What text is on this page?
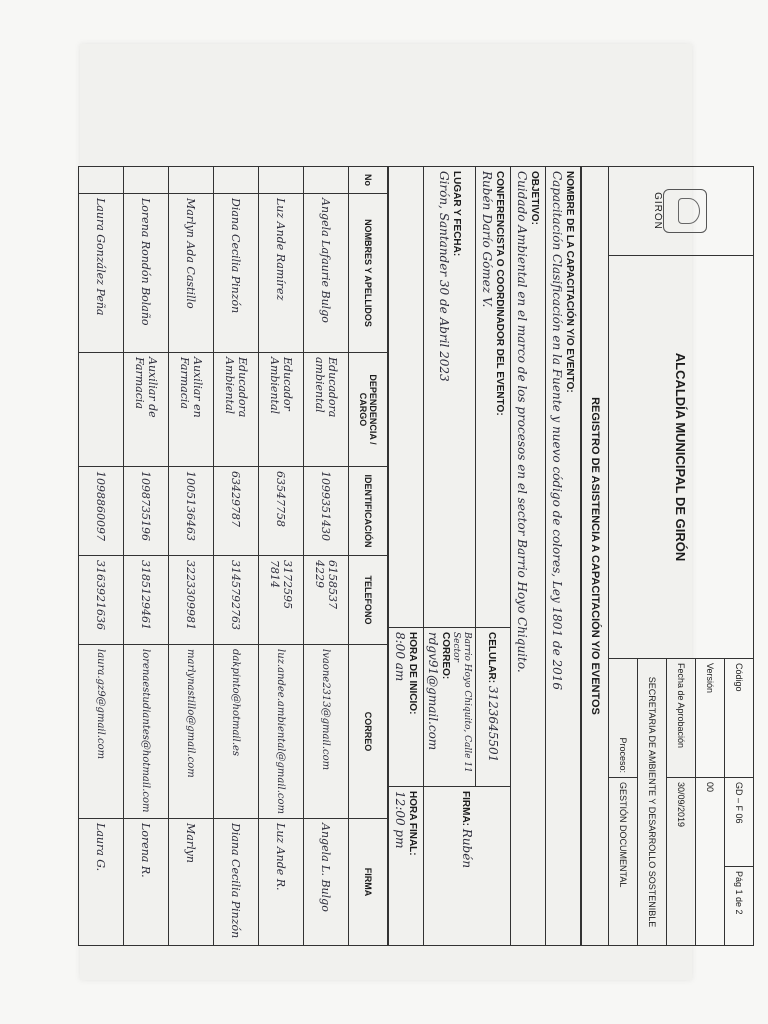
GIRÓN	ALCALDÍA MUNICIPAL DE GIRÓN	Código	GD – F 06	Pág 1 de 2
		Versión	00	
		Fecha de Aprobación	30/09/2019	
		SECRETARIA DE AMBIENTE Y DESARROLLO SOSTENIBLE		
		Proceso:	GESTIÓN DOCUMENTAL	
REGISTRO DE ASISTENCIA A CAPACITACIÓN Y/O EVENTOS				
NOMBRE DE LA CAPACITACIÓN Y/O EVENTO:
Capacitación Clasificación en la Fuente y nuevo código de colores, Ley 1801 de 2016		
OBJETIVO:
Cuidado Ambiental en el marco de los procesos en el sector Barrio Hoyo Chiquito.		
CONFERENCISTA O COORDINADOR DEL EVENTO:
Rubén Darío Gómez V.	CELULAR: 3123645501	FIRMA: Rubén
LUGAR Y FECHA:
Girón, Santander 30 de Abril 2023	Barrio Hoyo Chiquito, Calle 11 Sector
CORREO: rdgv91@gmail.com	
	HORA DE INICIO:
8:00 am	HORA FINAL:
12:00 pm
No	NOMBRES Y APELLIDOS	DEPENDENCIA / CARGO	IDENTIFICACIÓN	TELEFONO	CORREO	FIRMA
	Angela Lafaurie Bulgo	Educadora ambiental	1099351430	6158537 4229	lvaone2313@gmail.com	Angela L. Bulgo
	Luz Ande Ramírez	Educador Ambiental	63547758	3172595 7814	luz.andee.ambiental@gmail.com	Luz Ande R.
	Diana Cecilia Pinzón	Educadora Ambiental	63429787	3145792763	dakpinto@hotmail.es	Diana Cecilia Pinzón
	Marlyn Ada Castillo	Auxiliar en Farmacia	1005136463	3223309981	marlynastillo@gmail.com	Marlyn
	Lorena Rondón Bolaño	Auxiliar de Farmacia	1098735196	3185129461	lorenaestudiantes@hotmail.com	Lorena R.
	Laura González Peña		1098860097	3163921636	laura.gz9@gmail.com	Laura G.
